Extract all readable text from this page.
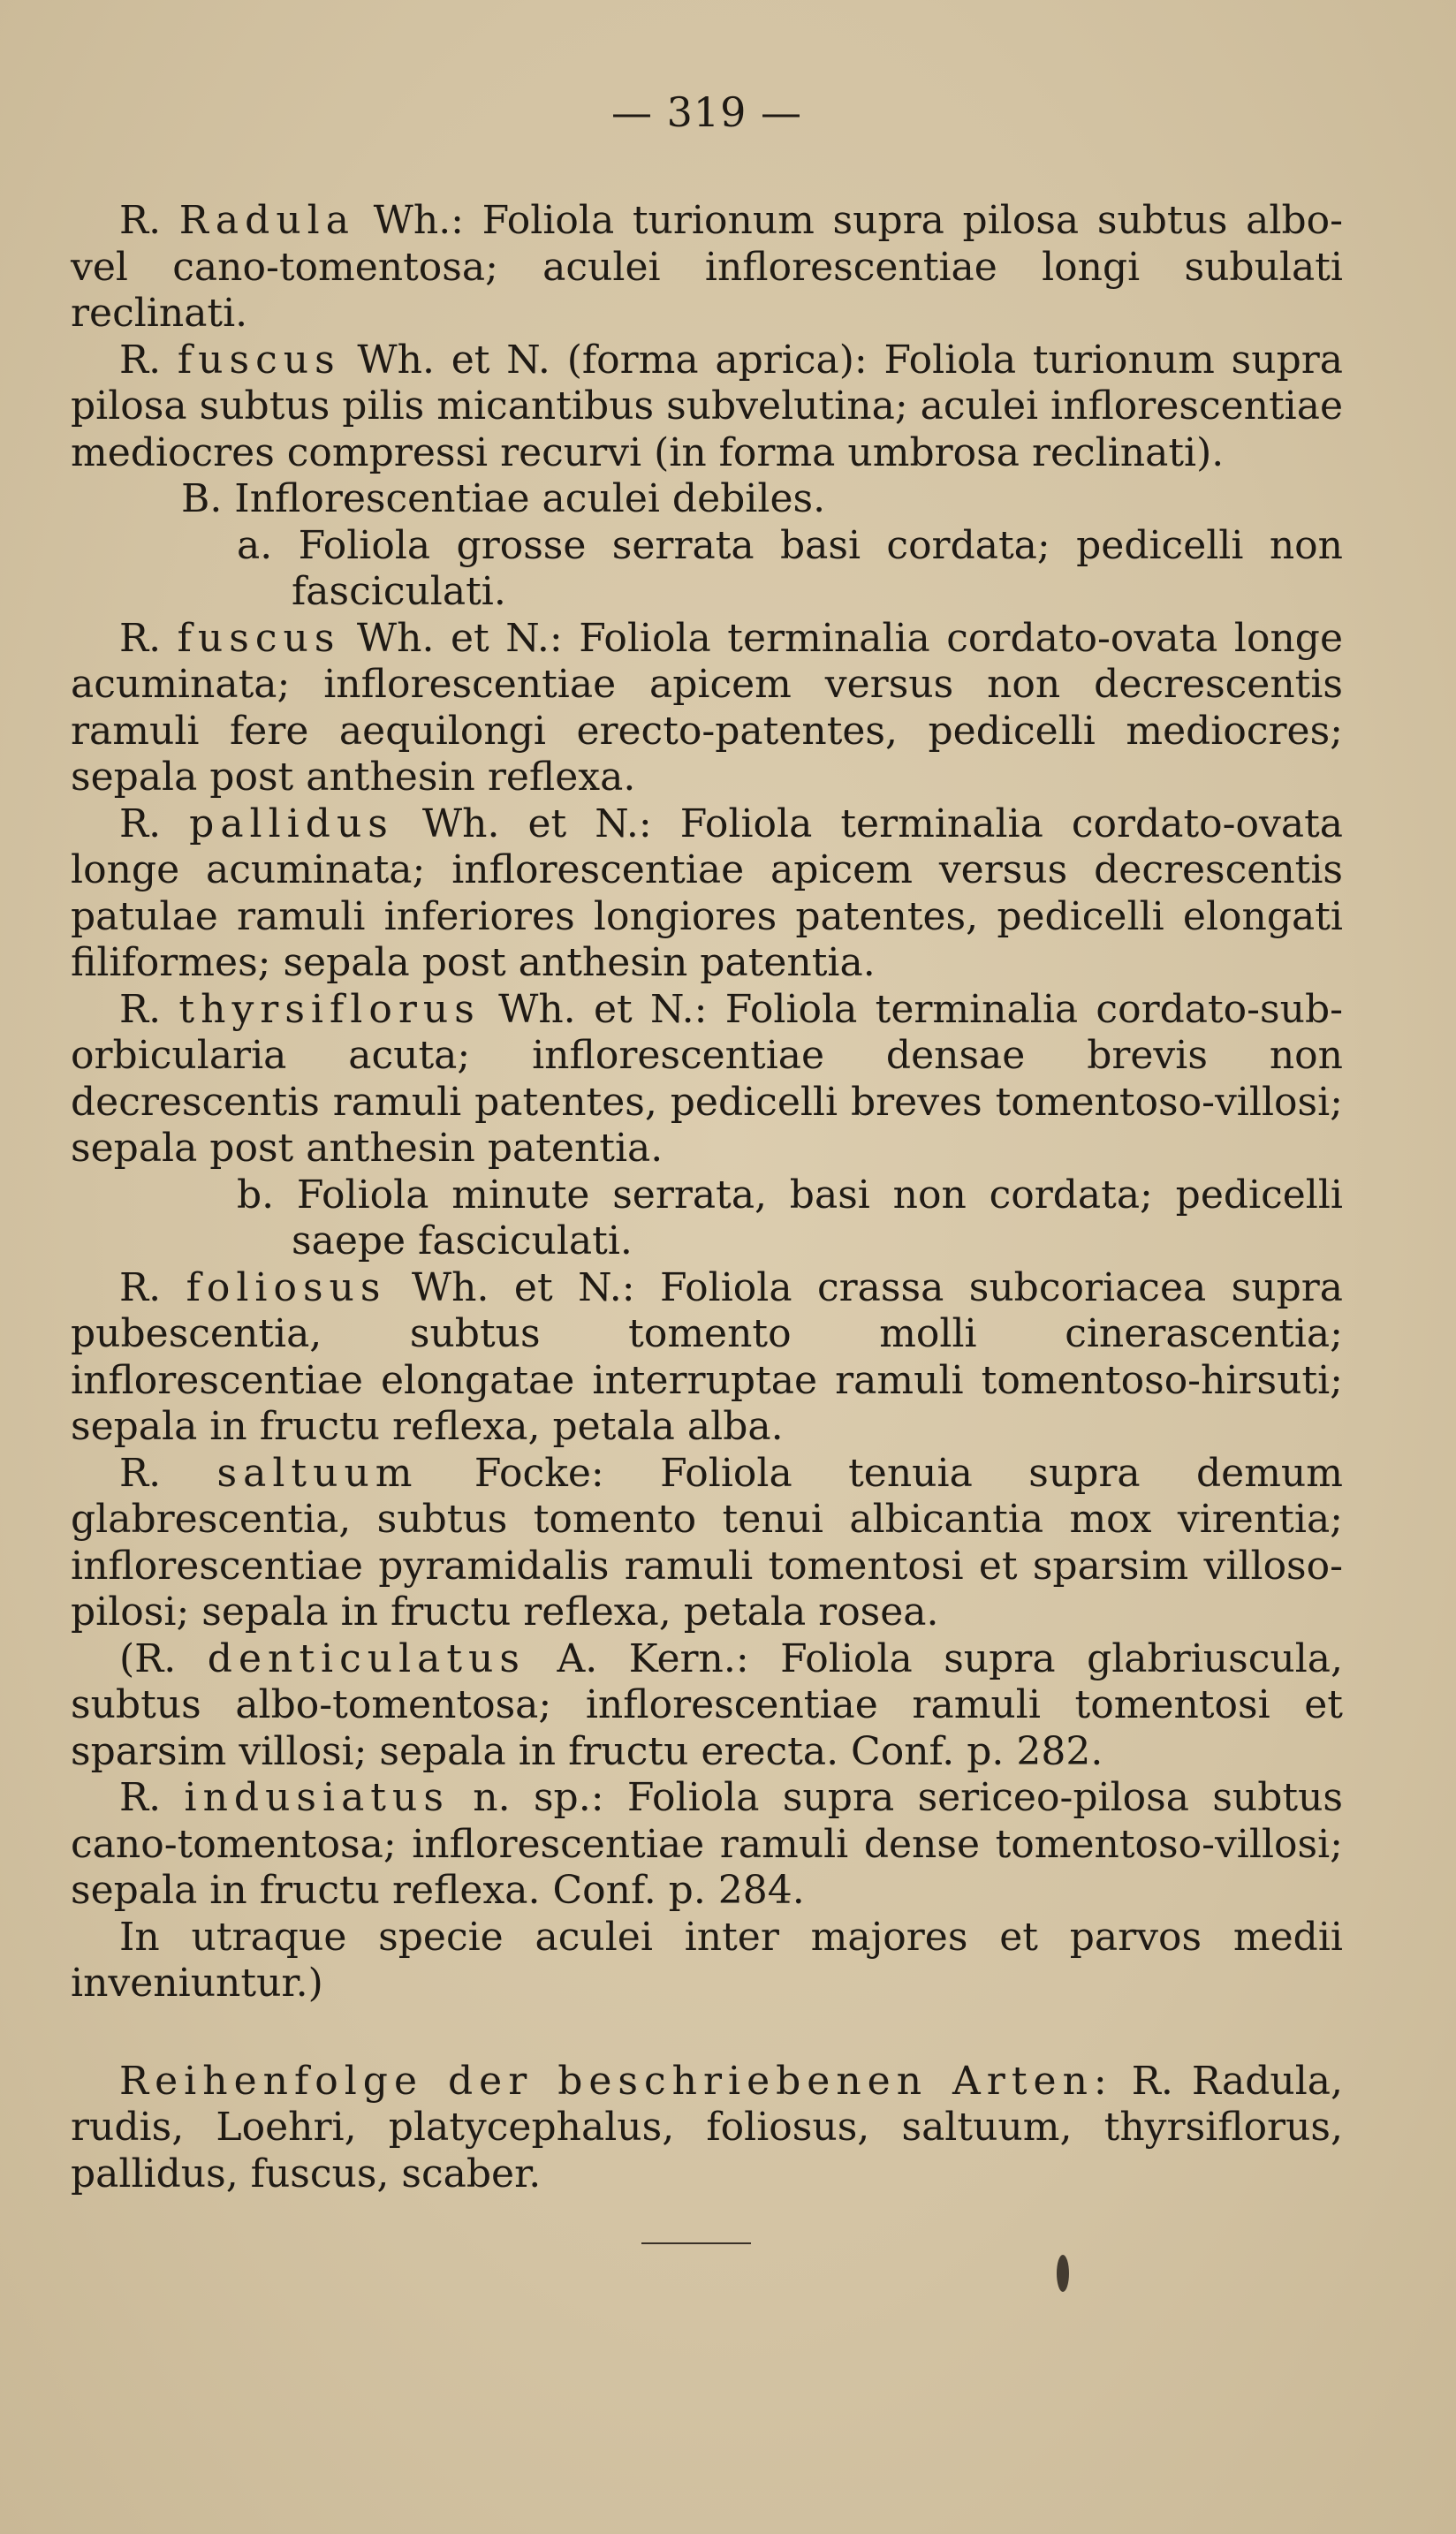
— 319 —

R. Radula Wh.: Foliola turionum supra pilosa subtus albo-vel cano-tomentosa; aculei inflorescentiae longi subulati reclinati.

R. fuscus Wh. et N. (forma aprica): Foliola turionum supra pilosa subtus pilis micantibus subvelutina; aculei inflorescentiae mediocres compressi recurvi (in forma umbrosa reclinati).

B. Inflorescentiae aculei debiles.

a. Foliola grosse serrata basi cordata; pedicelli non fasciculati.

R. fuscus Wh. et N.: Foliola terminalia cordato-ovata longe acuminata; inflorescentiae apicem versus non decrescentis ramuli fere aequilongi erecto-patentes, pedicelli mediocres; sepala post anthesin reflexa.

R. pallidus Wh. et N.: Foliola terminalia cordato-ovata longe acuminata; inflorescentiae apicem versus decrescentis patulae ramuli inferiores longiores patentes, pedicelli elongati filiformes; sepala post anthesin patentia.

R. thyrsiflorus Wh. et N.: Foliola terminalia cordato-sub-orbicularia acuta; inflorescentiae densae brevis non decrescentis ramuli patentes, pedicelli breves tomentoso-villosi; sepala post anthesin patentia.

b. Foliola minute serrata, basi non cordata; pedicelli saepe fasciculati.

R. foliosus Wh. et N.: Foliola crassa subcoriacea supra pubescentia, subtus tomento molli cinerascentia; inflorescentiae elongatae interruptae ramuli tomentoso-hirsuti; sepala in fructu reflexa, petala alba.

R. saltuum Focke: Foliola tenuia supra demum glabrescentia, subtus tomento tenui albicantia mox virentia; inflorescentiae pyramidalis ramuli tomentosi et sparsim villoso-pilosi; sepala in fructu reflexa, petala rosea.

(R. denticulatus A. Kern.: Foliola supra glabriuscula, subtus albo-tomentosa; inflorescentiae ramuli tomentosi et sparsim villosi; sepala in fructu erecta. Conf. p. 282.

R. indusiatus n. sp.: Foliola supra sericeo-pilosa subtus cano-tomentosa; inflorescentiae ramuli dense tomentoso-villosi; sepala in fructu reflexa. Conf. p. 284.

In utraque specie aculei inter majores et parvos medii inveniuntur.)

Reihenfolge der beschriebenen Arten: R. Radula, rudis, Loehri, platycephalus, foliosus, saltuum, thyrsiflorus, pallidus, fuscus, scaber.
